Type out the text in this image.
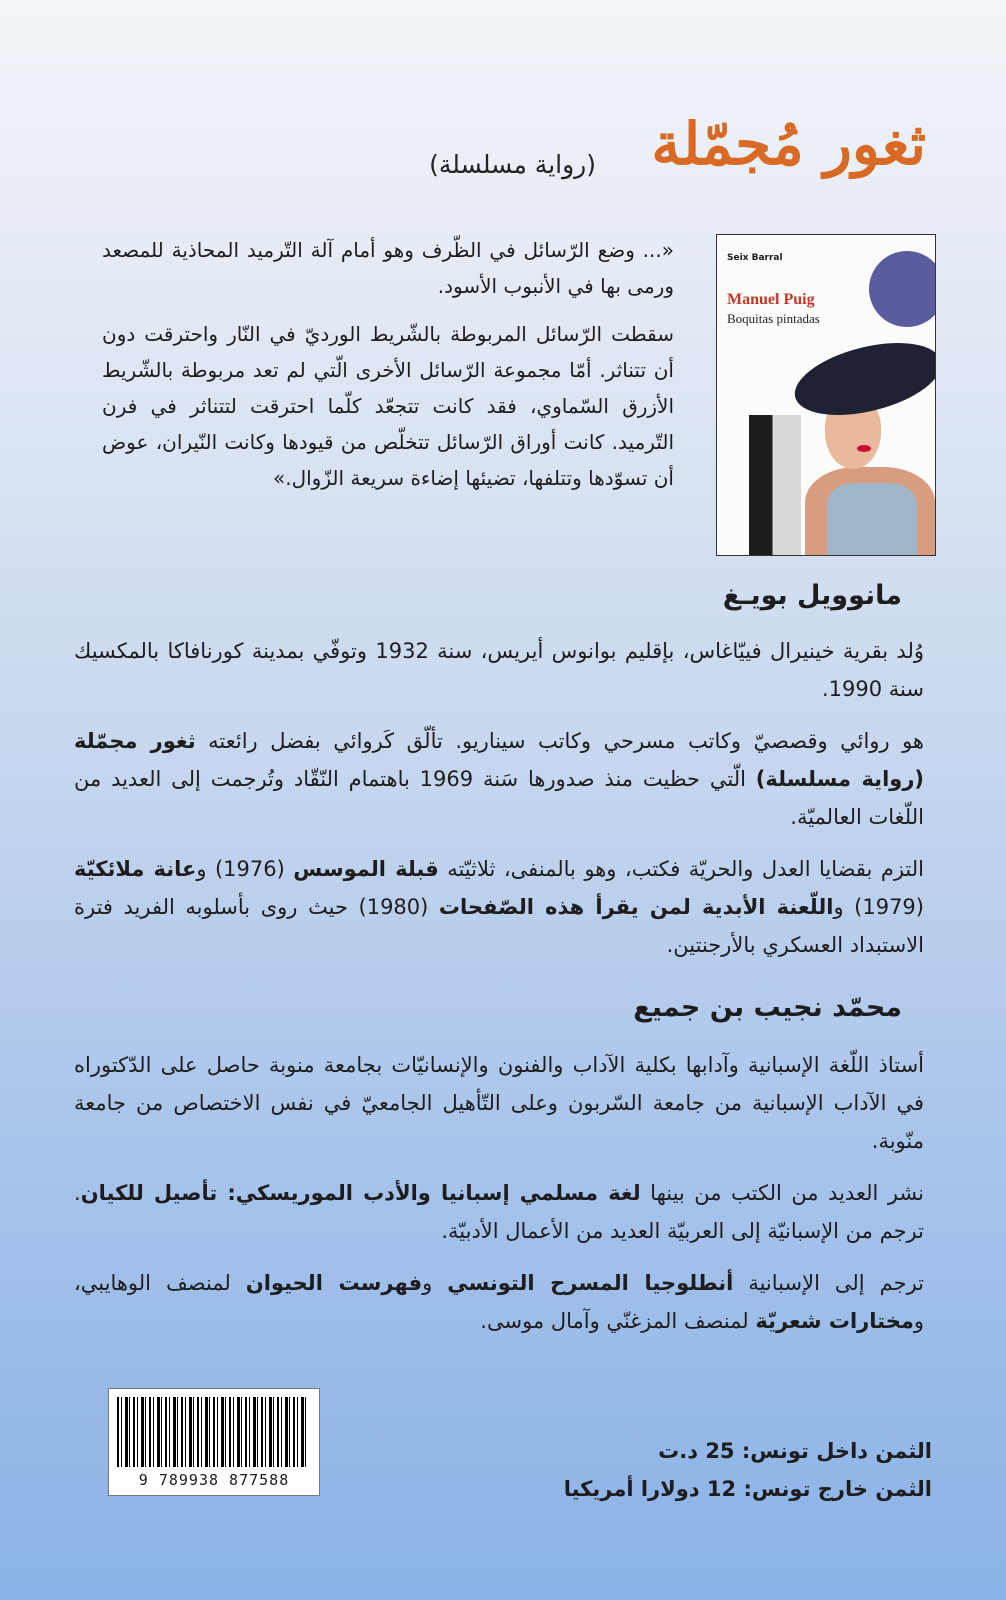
ثغور مُجمّلة
(رواية مسلسلة)

«... وضع الرّسائل في الظّرف وهو أمام آلة التّرميد المحاذية للمصعد ورمى بها في الأنبوب الأسود.

سقطت الرّسائل المربوطة بالشّريط الورديّ في النّار واحترقت دون أن تتناثر. أمّا مجموعة الرّسائل الأخرى الّتي لم تعد مربوطة بالشّريط الأزرق السّماوي، فقد كانت تتجعّد كلّما احترقت لتتناثر في فرن التّرميد. كانت أوراق الرّسائل تتخلّص من قيودها وكانت النّيران، عوض أن تسوّدها وتتلفها، تضيئها إضاءة سريعة الزّوال.»

Seix Barral
Manuel Puig
Boquitas pintadas
مانوويل بويـغ

وُلد بقرية خينيرال فييّاغاس، بإقليم بوانوس أيريس، سنة 1932 وتوفّي بمدينة كورنافاكا بالمكسيك سنة 1990.

هو روائي وقصصيّ وكاتب مسرحي وكاتب سيناريو. تألّق كَروائي بفضل رائعته ثغور مجمّلة (رواية مسلسلة) الّتي حظيت منذ صدورها سَنة 1969 باهتمام النّقّاد وتُرجمت إلى العديد من اللّغات العالميّة.

التزم بقضايا العدل والحريّة فكتب، وهو بالمنفى، ثلاثيّته قبلة الموسس (1976) وعانة ملائكيّة (1979) واللّعنة الأبدية لمن يقرأ هذه الصّفحات (1980) حيث روى بأسلوبه الفريد فترة الاستبداد العسكري بالأرجنتين.

محمّد نجيب بن جميع

أستاذ اللّغة الإسبانية وآدابها بكلية الآداب والفنون والإنسانيّات بجامعة منوبة حاصل على الدّكتوراه في الآداب الإسبانية من جامعة السّربون وعلى التّأهيل الجامعيّ في نفس الاختصاص من جامعة منّوبة.

نشر العديد من الكتب من بينها لغة مسلمي إسبانيا والأدب الموريسكي: تأصيل للكيان. ترجم من الإسبانيّة إلى العربيّة العديد من الأعمال الأدبيّة.

ترجم إلى الإسبانية أنطلوجيا المسرح التونسي وفهرست الحيوان لمنصف الوهايبي، ومختارات شعريّة لمنصف المزغنّي وآمال موسى.

9 789938 877588
الثمن داخل تونس: 25 د.ت
الثمن خارج تونس: 12 دولارا أمريكيا
